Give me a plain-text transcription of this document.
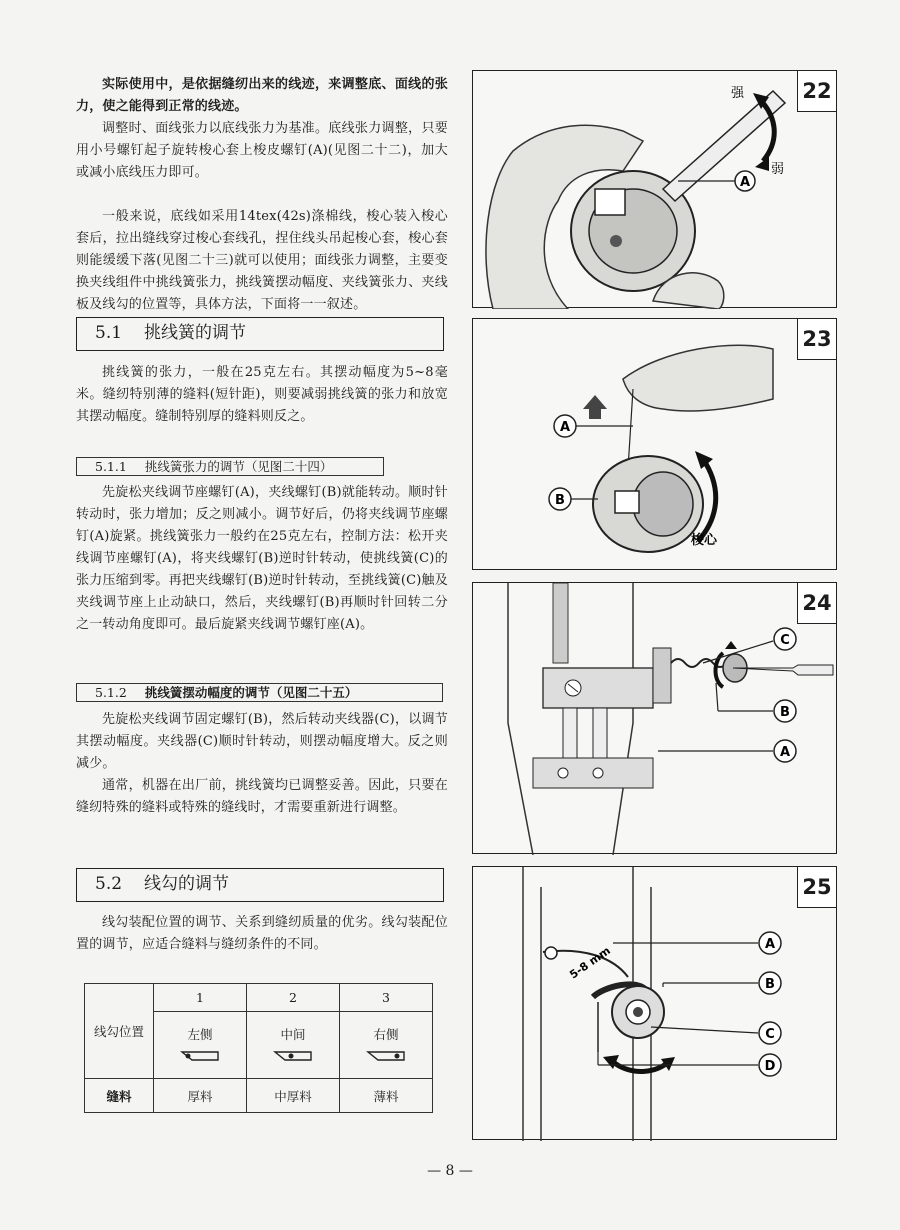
实际使用中，是依据缝纫出来的线迹，来调整底、面线的张力，使之能得到正常的线迹。

调整时、面线张力以底线张力为基准。底线张力调整，只要用小号螺钉起子旋转梭心套上梭皮螺钉(A)(见图二十二)，加大或减小底线压力即可。

一般来说，底线如采用14tex(42s)涤棉线，梭心装入梭心套后，拉出缝线穿过梭心套线孔，捏住线头吊起梭心套，梭心套则能缓缓下落(见图二十三)就可以使用；面线张力调整，主要变换夹线组件中挑线簧张力，挑线簧摆动幅度、夹线簧张力、夹线板及线勾的位置等，具体方法，下面将一一叙述。

5.1 挑线簧的调节

挑线簧的张力，一般在25克左右。其摆动幅度为5~8毫米。缝纫特别薄的缝料(短针距)，则要减弱挑线簧的张力和放宽其摆动幅度。缝制特别厚的缝料则反之。

5.1.1 挑线簧张力的调节（见图二十四）

先旋松夹线调节座螺钉(A)，夹线螺钉(B)就能转动。顺时针转动时，张力增加；反之则减小。调节好后，仍将夹线调节座螺钉(A)旋紧。挑线簧张力一般约在25克左右，控制方法：松开夹线调节座螺钉(A)，将夹线螺钉(B)逆时针转动，使挑线簧(C)的张力压缩到零。再把夹线螺钉(B)逆时针转动，至挑线簧(C)触及夹线调节座上止动缺口，然后，夹线螺钉(B)再顺时针回转二分之一转动角度即可。最后旋紧夹线调节螺钉座(A)。

5.1.2 挑线簧摆动幅度的调节（见图二十五）

先旋松夹线调节固定螺钉(B)，然后转动夹线器(C)，以调节其摆动幅度。夹线器(C)顺时针转动，则摆动幅度增大。反之则减少。

通常，机器在出厂前，挑线簧均已调整妥善。因此，只要在缝纫特殊的缝料或特殊的缝线时，才需要重新进行调整。

5.2 线勾的调节

线勾装配位置的调节、关系到缝纫质量的优劣。线勾装配位置的调节，应适合缝料与缝纫条件的不同。

线勾位置	1	2	3

	左侧	中间	右侧

缝料	厚料	中厚料	薄料
A
强
弱
22
A
B
梭心
23
C
B
A
24
5-8 mm	A
B
C
D
25
— 8 —
